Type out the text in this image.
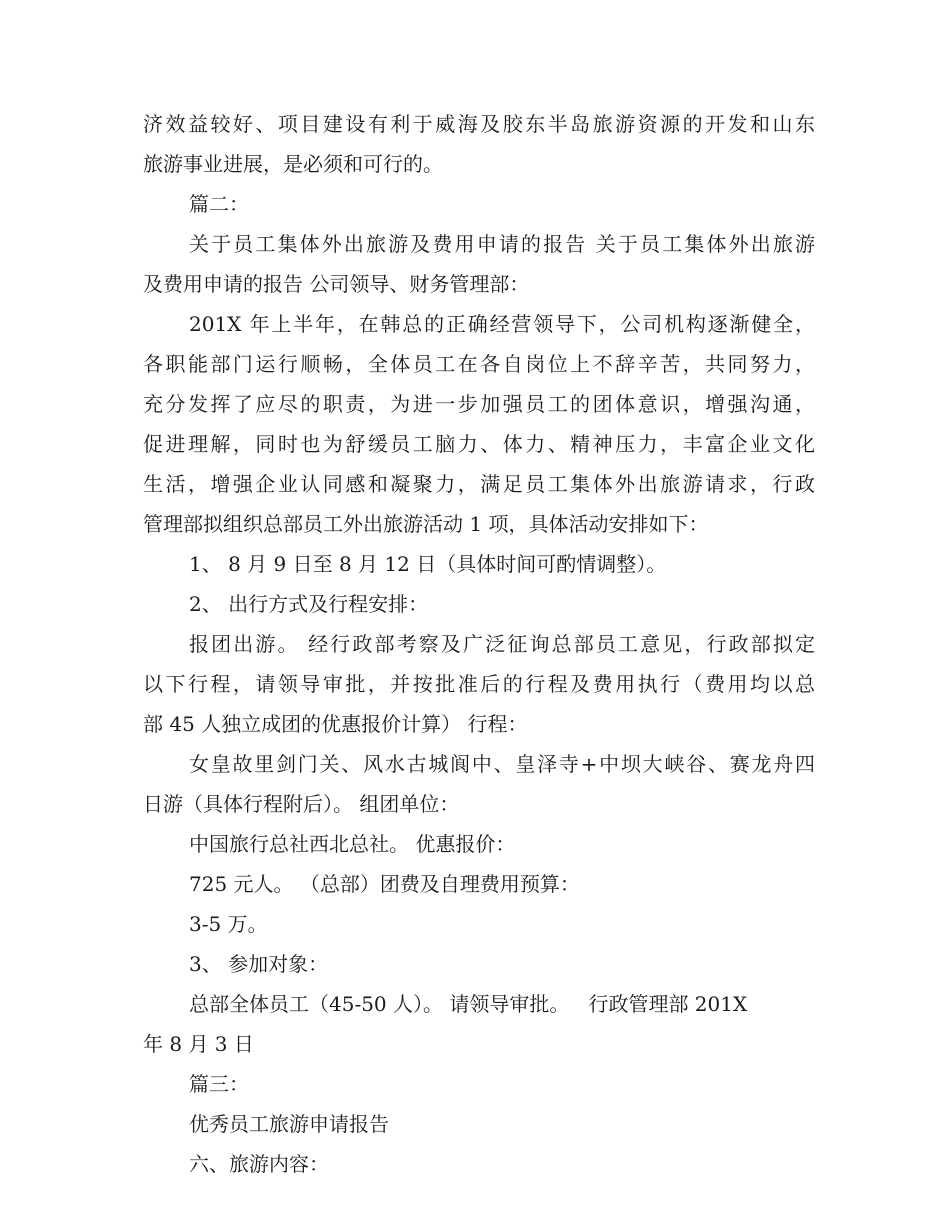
济效益较好、项目建设有利于威海及胶东半岛旅游资源的开发和山东
旅游事业进展，是必须和可行的。
篇二：
关于员工集体外出旅游及费用申请的报告 关于员工集体外出旅游
及费用申请的报告 公司领导、财务管理部：
201X 年上半年，在韩总的正确经营领导下，公司机构逐渐健全，
各职能部门运行顺畅，全体员工在各自岗位上不辞辛苦，共同努力，
充分发挥了应尽的职责，为进一步加强员工的团体意识，增强沟通，
促进理解，同时也为舒缓员工脑力、体力、精神压力，丰富企业文化
生活，增强企业认同感和凝聚力，满足员工集体外出旅游请求，行政
管理部拟组织总部员工外出旅游活动 1 项，具体活动安排如下：
1、 8 月 9 日至 8 月 12 日（具体时间可酌情调整）。
2、 出行方式及行程安排：
报团出游。 经行政部考察及广泛征询总部员工意见，行政部拟定
以下行程，请领导审批，并按批准后的行程及费用执行（费用均以总
部 45 人独立成团的优惠报价计算） 行程：
女皇故里剑门关、风水古城阆中、皇泽寺+中坝大峡谷、赛龙舟四
日游（具体行程附后）。 组团单位：
中国旅行总社西北总社。 优惠报价：
725 元人。 （总部）团费及自理费用预算：
3-5 万。
3、 参加对象：
总部全体员工（45-50 人）。 请领导审批。   行政管理部 201X
年 8 月 3 日
篇三：
优秀员工旅游申请报告
六、旅游内容：
